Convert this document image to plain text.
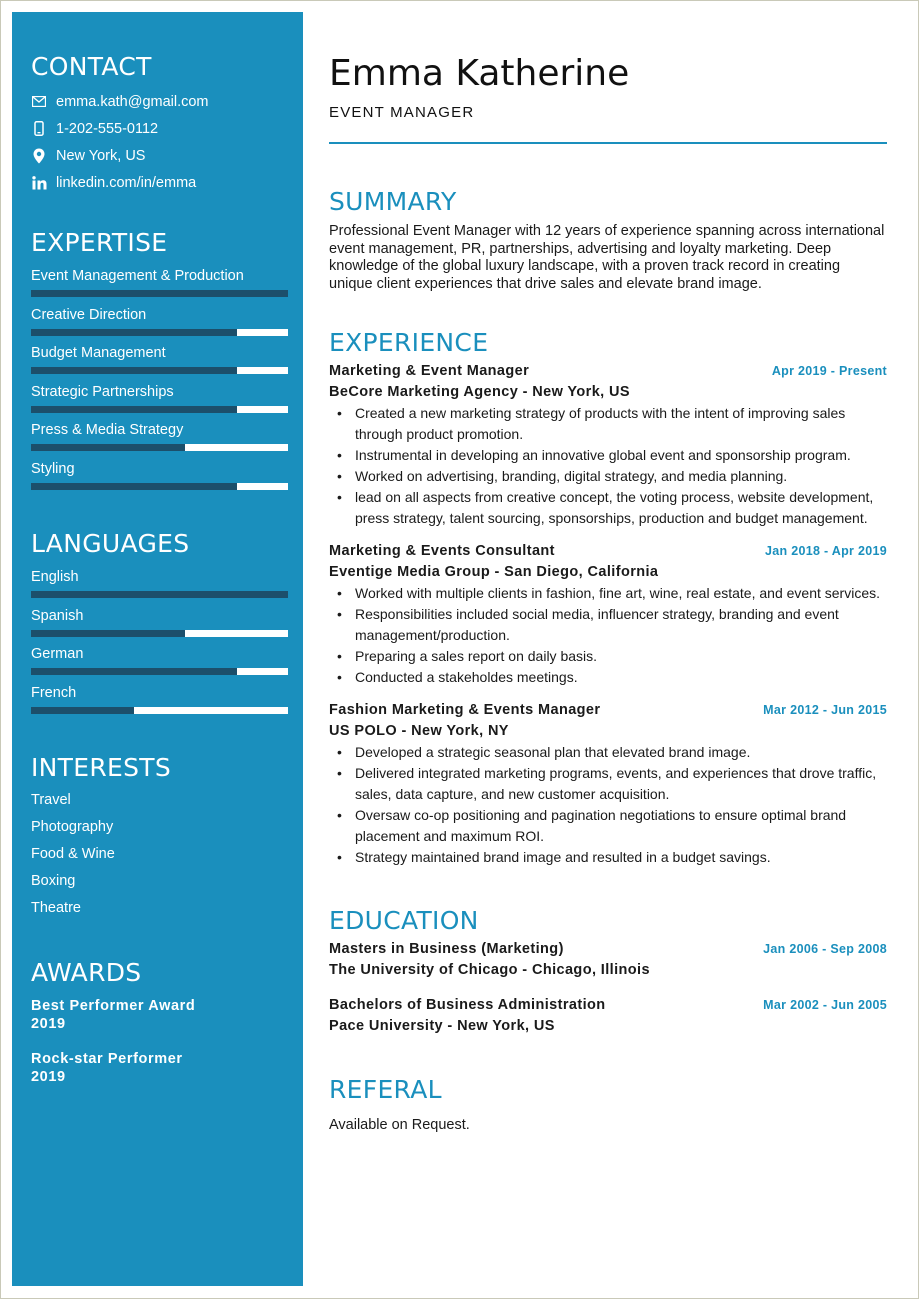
CONTACT
emma.kath@gmail.com
1-202-555-0112
New York, US
linkedin.com/in/emma
EXPERTISE
Event Management & Production
Creative Direction
Budget Management
Strategic Partnerships
Press & Media Strategy
Styling
LANGUAGES
English
Spanish
German
French
INTERESTS
Travel
Photography
Food & Wine
Boxing
Theatre
AWARDS
Best Performer Award
2019
Rock-star Performer
2019
Emma Katherine
EVENT MANAGER
SUMMARY

Professional Event Manager with 12 years of experience spanning across international event management, PR, partnerships, advertising and loyalty marketing. Deep knowledge of the global luxury landscape, with a proven track record in creating unique client experiences that drive sales and elevate brand image.

EXPERIENCE
Marketing & Event Manager	Apr 2019 - Present
BeCore Marketing Agency - New York, US
• Created a new marketing strategy of products with the intent of improving sales through product promotion.
• Instrumental in developing an innovative global event and sponsorship program.
• Worked on advertising, branding, digital strategy, and media planning.
• lead on all aspects from creative concept, the voting process, website development, press strategy, talent sourcing, sponsorships, production and budget management.
Marketing & Events Consultant	Jan 2018 - Apr 2019
Eventige Media Group - San Diego, California
• Worked with multiple clients in fashion, fine art, wine, real estate, and event services.
• Responsibilities included social media, influencer strategy, branding and event management/production.
• Preparing a sales report on daily basis.
• Conducted a stakeholdes meetings.
Fashion Marketing & Events Manager	Mar 2012 - Jun 2015
US POLO - New York, NY
• Developed a strategic seasonal plan that elevated brand image.
• Delivered integrated marketing programs, events, and experiences that drove traffic, sales, data capture, and new customer acquisition.
• Oversaw co-op positioning and pagination negotiations to ensure optimal brand placement and maximum ROI.
• Strategy maintained brand image and resulted in a budget savings.
EDUCATION
Masters in Business (Marketing)	Jan 2006 - Sep 2008
The University of Chicago - Chicago, Illinois
Bachelors of Business Administration	Mar 2002 - Jun 2005
Pace University - New York, US
REFERAL

Available on Request.
